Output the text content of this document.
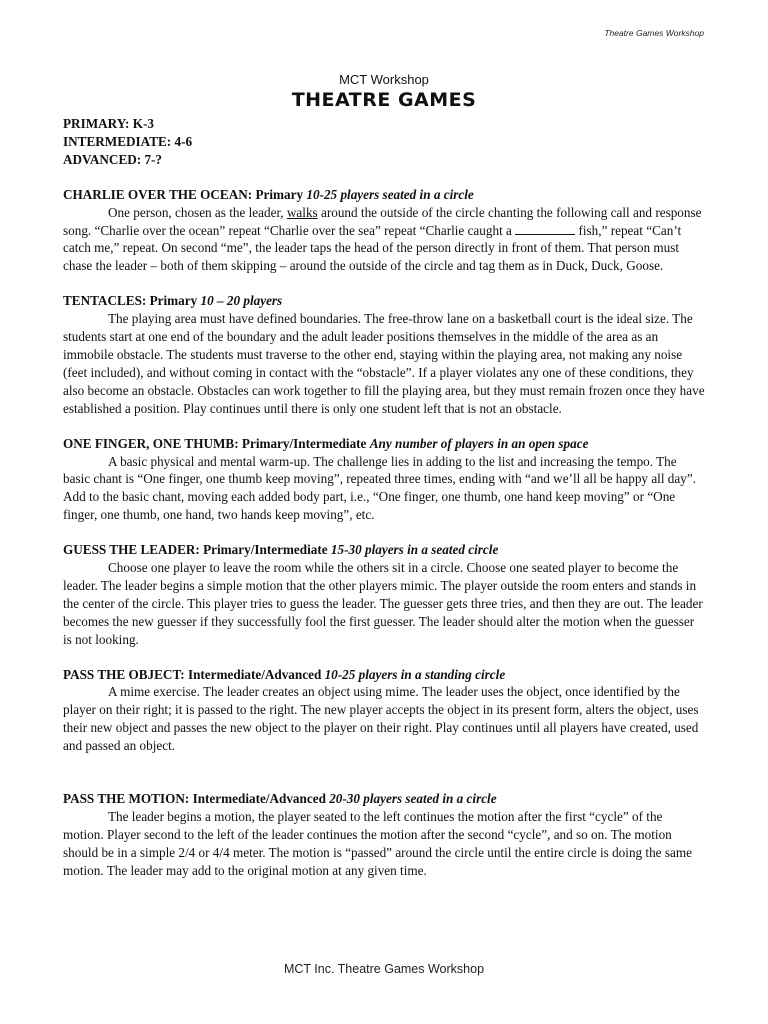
Theatre Games Workshop
MCT Workshop
THEATRE GAMES
PRIMARY: K-3
INTERMEDIATE: 4-6
ADVANCED: 7-?
CHARLIE OVER THE OCEAN: Primary 10-25 players seated in a circle

One person, chosen as the leader, walks around the outside of the circle chanting the following call and response song. “Charlie over the ocean” repeat “Charlie over the sea” repeat “Charlie caught a	fish,” repeat “Can’t catch me,” repeat. On second “me”, the leader taps the head of the person directly in front of them. That person must chase the leader – both of them skipping – around the outside of the circle and tag them as in Duck, Duck, Goose.

TENTACLES: Primary 10 – 20 players

The playing area must have defined boundaries. The free-throw lane on a basketball court is the ideal size. The students start at one end of the boundary and the adult leader positions themselves in the middle of the area as an immobile obstacle. The students must traverse to the other end, staying within the playing area, not making any noise (feet included), and without coming in contact with the “obstacle”. If a player violates any one of these conditions, they also become an obstacle. Obstacles can work together to fill the playing area, but they must remain frozen once they have established a position. Play continues until there is only one student left that is not an obstacle.

ONE FINGER, ONE THUMB: Primary/Intermediate Any number of players in an open space

A basic physical and mental warm-up. The challenge lies in adding to the list and increasing the tempo. The basic chant is “One finger, one thumb keep moving”, repeated three times, ending with “and we’ll all be happy all day”. Add to the basic chant, moving each added body part, i.e., “One finger, one thumb, one hand keep moving” or “One finger, one thumb, one hand, two hands keep moving”, etc.

GUESS THE LEADER: Primary/Intermediate 15-30 players in a seated circle

Choose one player to leave the room while the others sit in a circle. Choose one seated player to become the leader. The leader begins a simple motion that the other players mimic. The player outside the room enters and stands in the center of the circle. This player tries to guess the leader. The guesser gets three tries, and then they are out. The leader becomes the new guesser if they successfully fool the first guesser. The leader should alter the motion when the guesser is not looking.

PASS THE OBJECT: Intermediate/Advanced 10-25 players in a standing circle

A mime exercise. The leader creates an object using mime. The leader uses the object, once identified by the player on their right; it is passed to the right. The new player accepts the object in its present form, alters the object, uses their new object and passes the new object to the player on their right. Play continues until all players have created, used and passed an object.

PASS THE MOTION: Intermediate/Advanced 20-30 players seated in a circle

The leader begins a motion, the player seated to the left continues the motion after the first “cycle” of the motion. Player second to the left of the leader continues the motion after the second “cycle”, and so on. The motion should be in a simple 2/4 or 4/4 meter. The motion is “passed” around the circle until the entire circle is doing the same motion. The leader may add to the original motion at any given time.

MCT Inc. Theatre Games Workshop
